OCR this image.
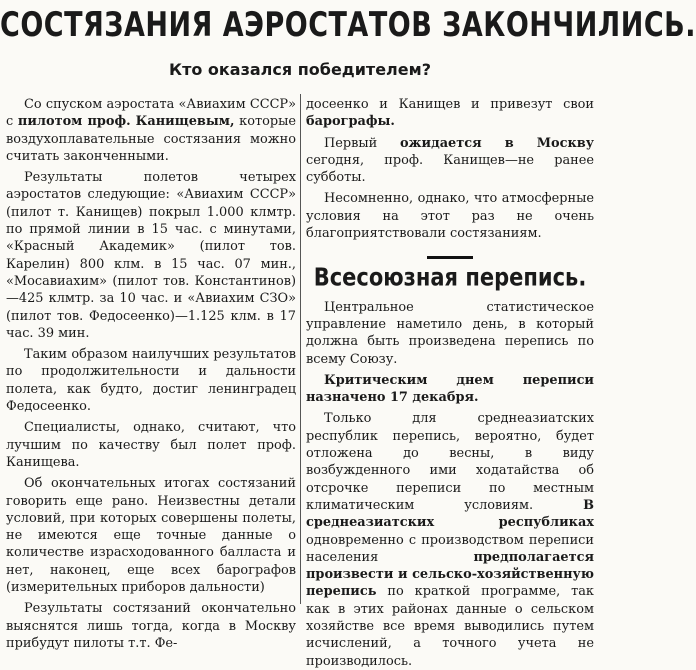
СОСТЯЗАНИЯ АЭРОСТАТОВ ЗАКОНЧИЛИСЬ.
Кто оказался победителем?

Со спуском аэростата «Авиахим СССР» с пилотом проф. Канищевым, которые воздухоплавательные состязания можно считать законченными.

Результаты полетов четырех аэростатов следующие: «Авиахим СССР» (пилот т. Канищев) покрыл 1.000 клмтр. по прямой линии в 15 час. с минутами, «Красный Академик» (пилот тов. Карелин) 800 клм. в 15 час. 07 мин., «Мосавиахим» (пилот тов. Константинов)—425 клмтр. за 10 час. и «Авиахим СЗО» (пилот тов. Федосеенко)—1.125 клм. в 17 час. 39 мин.

Таким образом наилучших результатов по продолжительности и дальности полета, как будто, достиг ленинградец Федосеенко.

Специалисты, однако, считают, что лучшим по качеству был полет проф. Канищева.

Об окончательных итогах состязаний говорить еще рано. Неизвестны детали условий, при которых совершены полеты, не имеются еще точные данные о количестве израсходованного балласта и нет, наконец, еще всех барографов (измерительных приборов дальности)

Результаты состязаний окончательно выяснятся лишь тогда, когда в Москву прибудут пилоты т.т. Фе-

досеенко и Канищев и привезут свои барографы.

Первый ожидается в Москву сегодня, проф. Канищев—не ранее субботы.

Несомненно, однако, что атмосферные условия на этот раз не очень благоприятствовали состязаниям.

Всесоюзная перепись.

Центральное статистическое управление наметило день, в который должна быть произведена перепись по всему Союзу.

Критическим днем переписи назначено 17 декабря.

Только для среднеазиатских республик перепись, вероятно, будет отложена до весны, в виду возбужденного ими ходатайства об отсрочке переписи по местным климатическим условиям. В среднеазиатских республиках одновременно с производством переписи населения предполагается произвести и сельско-хозяйственную перепись по краткой программе, так как в этих районах данные о сельском хозяйстве все время выводились путем исчислений, а точного учета не производилось.
